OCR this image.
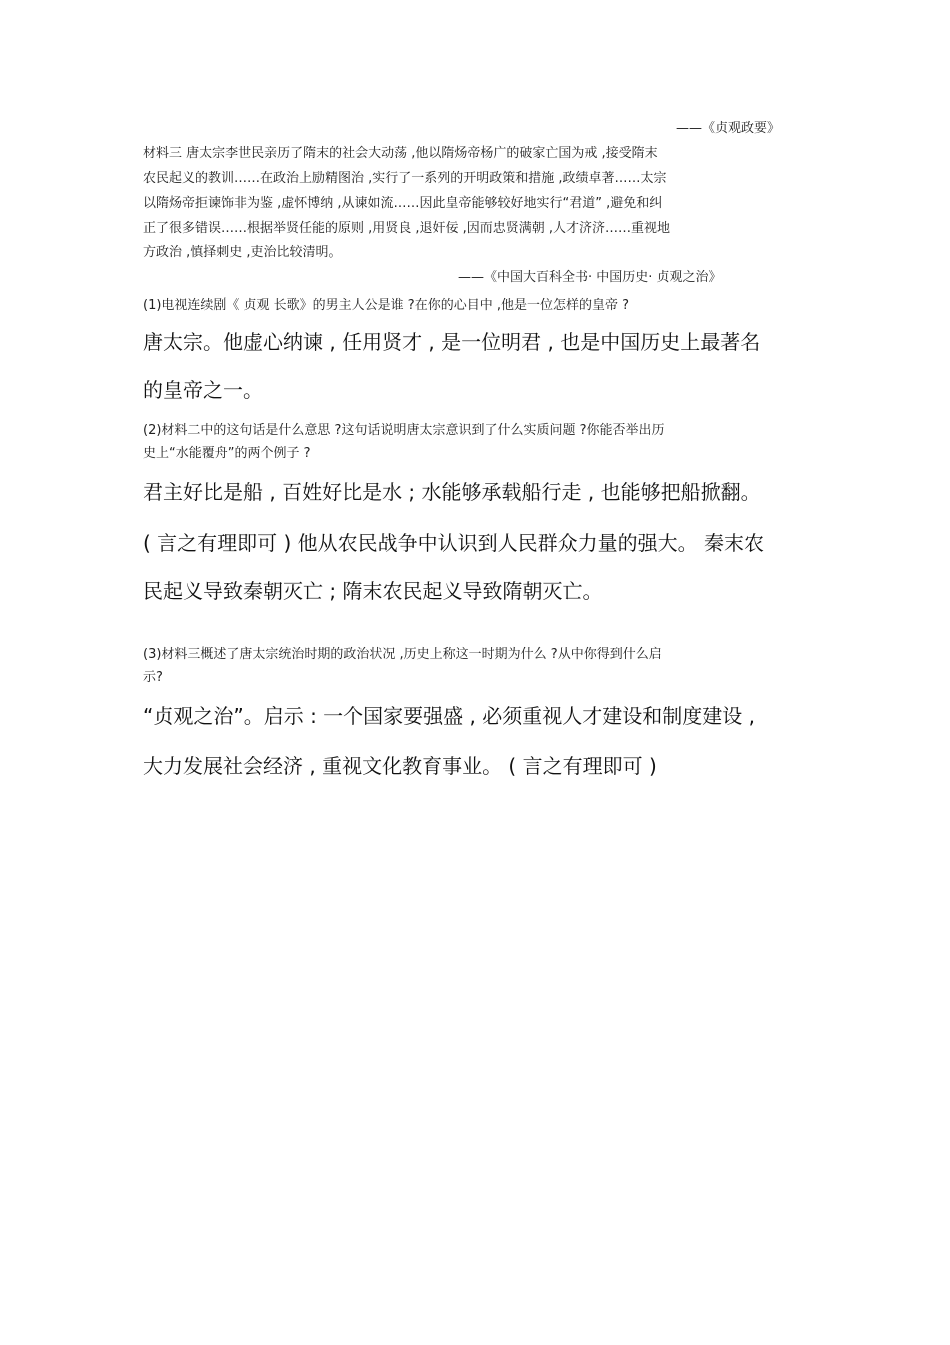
——《贞观政要》
材料三 唐太宗李世民亲历了隋末的社会大动荡 ,他以隋炀帝杨广的破家亡国为戒 ,接受隋末
农民起义的教训……在政治上励精图治 ,实行了一系列的开明政策和措施 ,政绩卓著……太宗
以隋炀帝拒谏饰非为鉴 ,虚怀博纳 ,从谏如流……因此皇帝能够较好地实行“君道” ,避免和纠
正了很多错误……根据举贤任能的原则 ,用贤良 ,退奸佞 ,因而忠贤满朝 ,人才济济……重视地
方政治 ,慎择刺史 ,吏治比较清明。
——《中国大百科全书· 中国历史· 贞观之治》
(1)电视连续剧《 贞观 长歌》的男主人公是谁 ?在你的心目中 ,他是一位怎样的皇帝 ?
唐太宗。他虚心纳谏 , 任用贤才 , 是一位明君 , 也是中国历史上最著名
的皇帝之一。
(2)材料二中的这句话是什么意思 ?这句话说明唐太宗意识到了什么实质问题 ?你能否举出历
史上“水能覆舟”的两个例子 ?
君主好比是船 , 百姓好比是水 ; 水能够承载船行走 , 也能够把船掀翻。
( 言之有理即可 ) 他从农民战争中认识到人民群众力量的强大。 秦末农
民起义导致秦朝灭亡 ; 隋末农民起义导致隋朝灭亡。
(3)材料三概述了唐太宗统治时期的政治状况 ,历史上称这一时期为什么 ?从中你得到什么启
示?
“贞观之治”。启示 : 一个国家要强盛 , 必须重视人才建设和制度建设 ,
大力发展社会经济 , 重视文化教育事业。 ( 言之有理即可 )
